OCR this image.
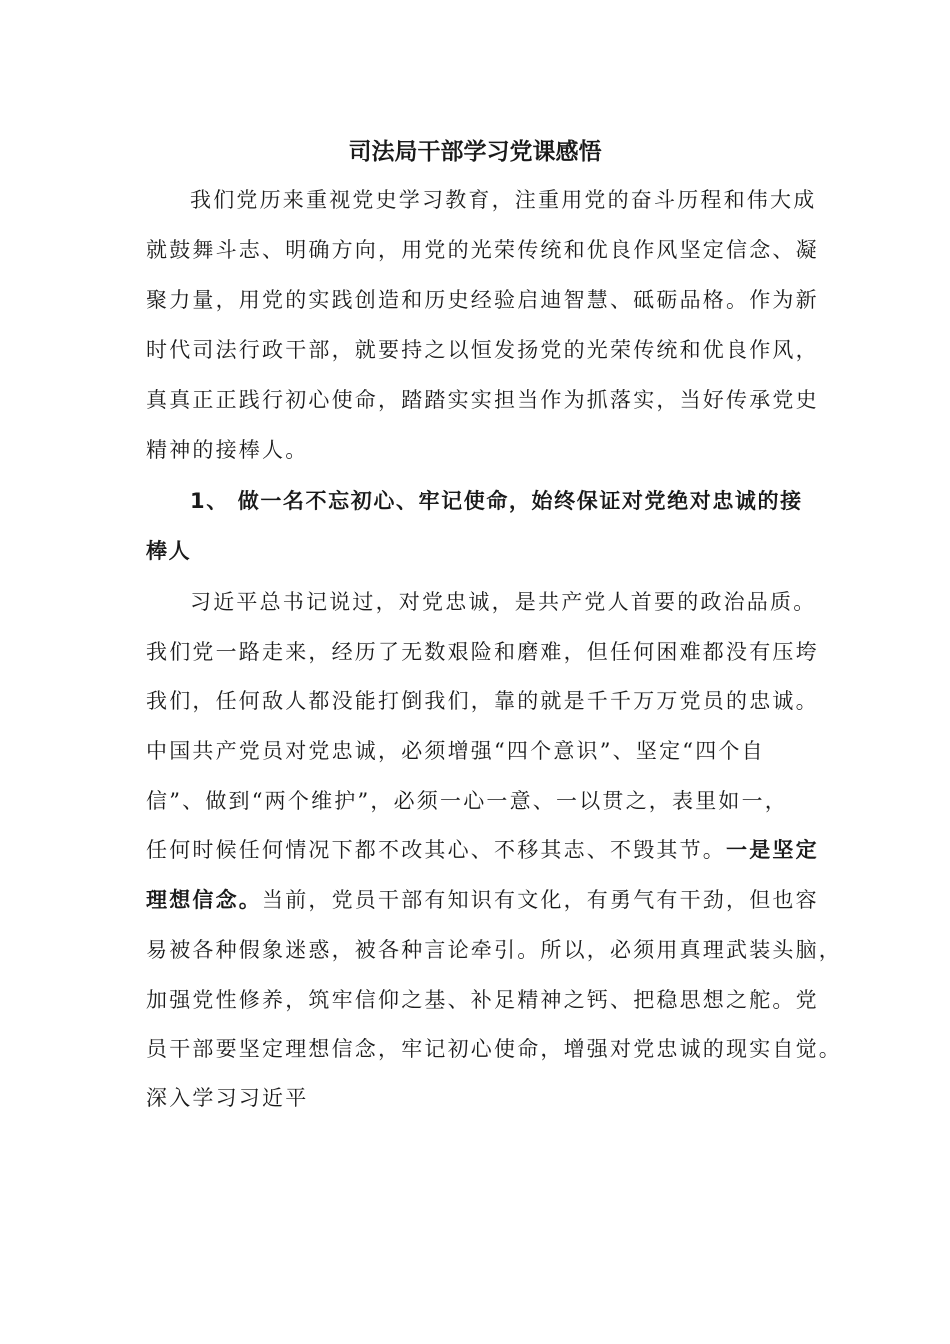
司法局干部学习党课感悟
我们党历来重视党史学习教育，注重用党的奋斗历程和伟大成
就鼓舞斗志、明确方向，用党的光荣传统和优良作风坚定信念、凝
聚力量，用党的实践创造和历史经验启迪智慧、砥砺品格。作为新
时代司法行政干部，就要持之以恒发扬党的光荣传统和优良作风，
真真正正践行初心使命，踏踏实实担当作为抓落实，当好传承党史
精神的接棒人。
1、 做一名不忘初心、牢记使命，始终保证对党绝对忠诚的接
棒人
习近平总书记说过，对党忠诚，是共产党人首要的政治品质。
我们党一路走来，经历了无数艰险和磨难，但任何困难都没有压垮
我们，任何敌人都没能打倒我们，靠的就是千千万万党员的忠诚。
中国共产党员对党忠诚，必须增强“四个意识”、坚定“四个自
信”、做到“两个维护”，必须一心一意、一以贯之，表里如一，
任何时候任何情况下都不改其心、不移其志、不毁其节。一是坚定
理想信念。当前，党员干部有知识有文化，有勇气有干劲，但也容
易被各种假象迷惑，被各种言论牵引。所以，必须用真理武装头脑，
加强党性修养，筑牢信仰之基、补足精神之钙、把稳思想之舵。党
员干部要坚定理想信念，牢记初心使命，增强对党忠诚的现实自觉。
深入学习习近平
